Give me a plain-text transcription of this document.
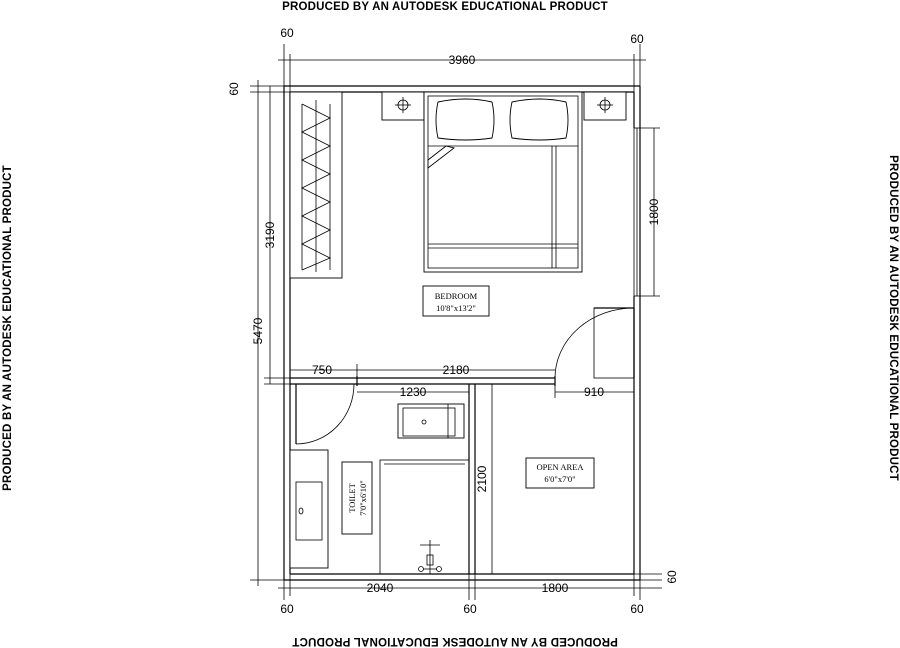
PRODUCED BY AN AUTODESK EDUCATIONAL PRODUCT
PRODUCED BY AN AUTODESK EDUCATIONAL PRODUCT
PRODUCED BY AN AUTODESK EDUCATIONAL PRODUCT	PRODUCED BY AN AUTODESK EDUCATIONAL PRODUCT
BEDROOM
10'8"x13'2"
TOILET 7'0"x6'10"
OPEN AREA
6'0"x7'0"
60
3960
60
60
5470
3190
1800
750	2180
1230	910
2100
2040	1800
60	60	60
60
